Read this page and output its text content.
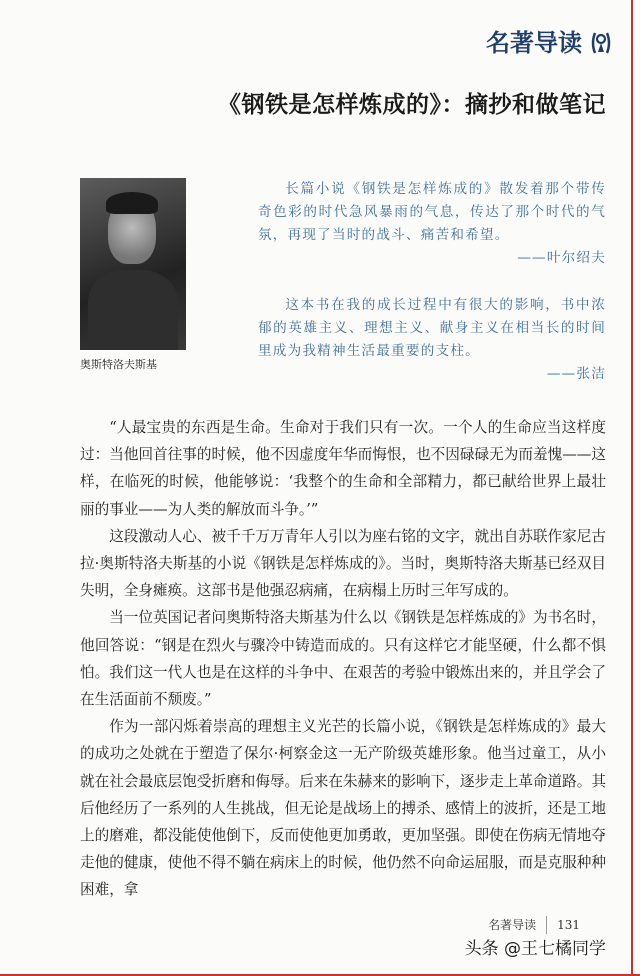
名著导读
《钢铁是怎样炼成的》：摘抄和做笔记
奥斯特洛夫斯基

长篇小说《钢铁是怎样炼成的》散发着那个带传奇色彩的时代急风暴雨的气息，传达了那个时代的气氛，再现了当时的战斗、痛苦和希望。

——叶尔绍夫

这本书在我的成长过程中有很大的影响，书中浓郁的英雄主义、理想主义、献身主义在相当长的时间里成为我精神生活最重要的支柱。

——张洁

“人最宝贵的东西是生命。生命对于我们只有一次。一个人的生命应当这样度过：当他回首往事的时候，他不因虚度年华而悔恨，也不因碌碌无为而羞愧——这样，在临死的时候，他能够说：‘我整个的生命和全部精力，都已献给世界上最壮丽的事业——为人类的解放而斗争。’”

这段激动人心、被千千万万青年人引以为座右铭的文字，就出自苏联作家尼古拉·奥斯特洛夫斯基的小说《钢铁是怎样炼成的》。当时，奥斯特洛夫斯基已经双目失明，全身瘫痪。这部书是他强忍病痛，在病榻上历时三年写成的。

当一位英国记者问奥斯特洛夫斯基为什么以《钢铁是怎样炼成的》为书名时，他回答说：“钢是在烈火与骤冷中铸造而成的。只有这样它才能坚硬，什么都不惧怕。我们这一代人也是在这样的斗争中、在艰苦的考验中锻炼出来的，并且学会了在生活面前不颓废。”

作为一部闪烁着崇高的理想主义光芒的长篇小说，《钢铁是怎样炼成的》最大的成功之处就在于塑造了保尔·柯察金这一无产阶级英雄形象。他当过童工，从小就在社会最底层饱受折磨和侮辱。后来在朱赫来的影响下，逐步走上革命道路。其后他经历了一系列的人生挑战，但无论是战场上的搏杀、感情上的波折，还是工地上的磨难，都没能使他倒下，反而使他更加勇敢，更加坚强。即使在伤病无情地夺走他的健康，使他不得不躺在病床上的时候，他仍然不向命运屈服，而是克服种种困难，拿

名著导读 131
头条 @王七橘同学
